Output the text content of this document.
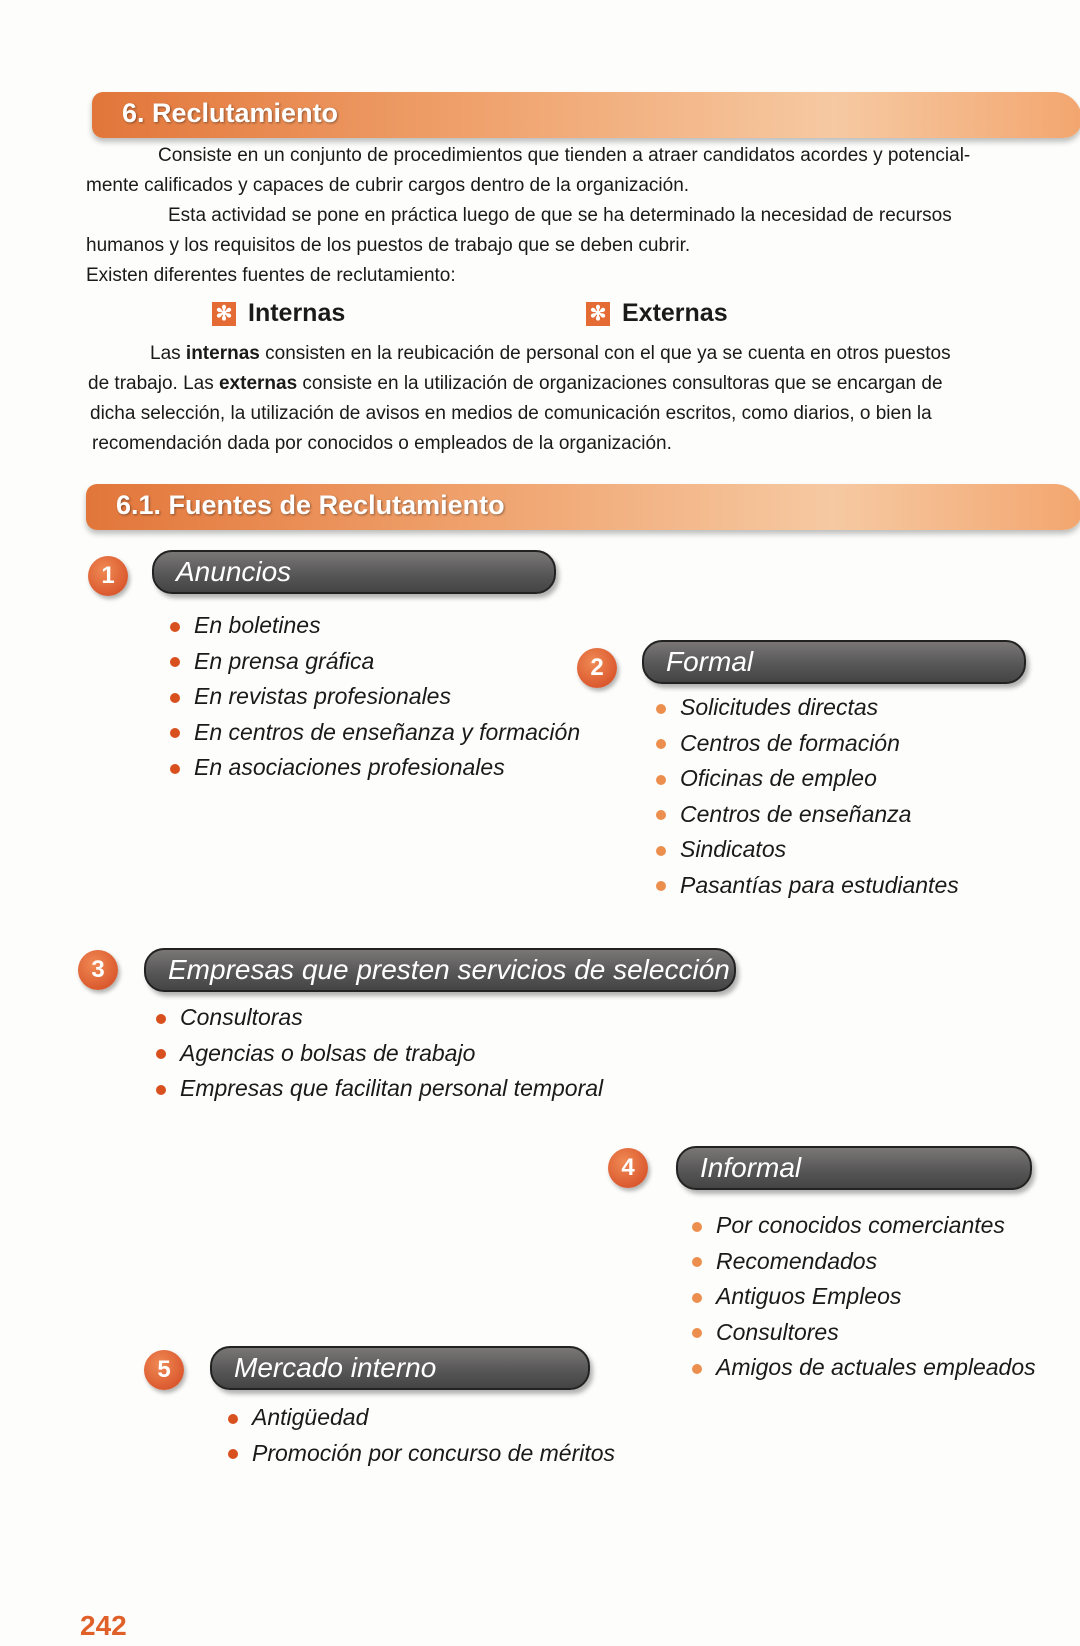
6. Reclutamiento
Consiste en un conjunto de procedimientos que tienden a atraer candidatos acordes y potencial-
mente calificados y capaces de cubrir cargos dentro de la organización.
Esta actividad se pone en práctica luego de que se ha determinado la necesidad de recursos
humanos y los requisitos de los puestos de trabajo que se deben cubrir.
Existen diferentes fuentes de reclutamiento:
✻ Internas	✻ Externas
Las internas consisten en la reubicación de personal con el que ya se cuenta en otros puestos
de trabajo. Las externas consiste en la utilización de organizaciones consultoras que se encargan de
dicha selección, la utilización de avisos en medios de comunicación escritos, como diarios, o bien la
recomendación dada por conocidos o empleados de la organización.
6.1. Fuentes de Reclutamiento
1	Anuncios
En boletines
En prensa gráfica
En revistas profesionales
En centros de enseñanza y formación
En asociaciones profesionales
2	Formal
Solicitudes directas
Centros de formación
Oficinas de empleo
Centros de enseñanza
Sindicatos
Pasantías para estudiantes
3	Empresas que presten servicios de selección
Consultoras
Agencias o bolsas de trabajo
Empresas que facilitan personal temporal
4	Informal
Por conocidos comerciantes
Recomendados
Antiguos Empleos
Consultores
Amigos de actuales empleados
5	Mercado interno
Antigüedad
Promoción por concurso de méritos
242
